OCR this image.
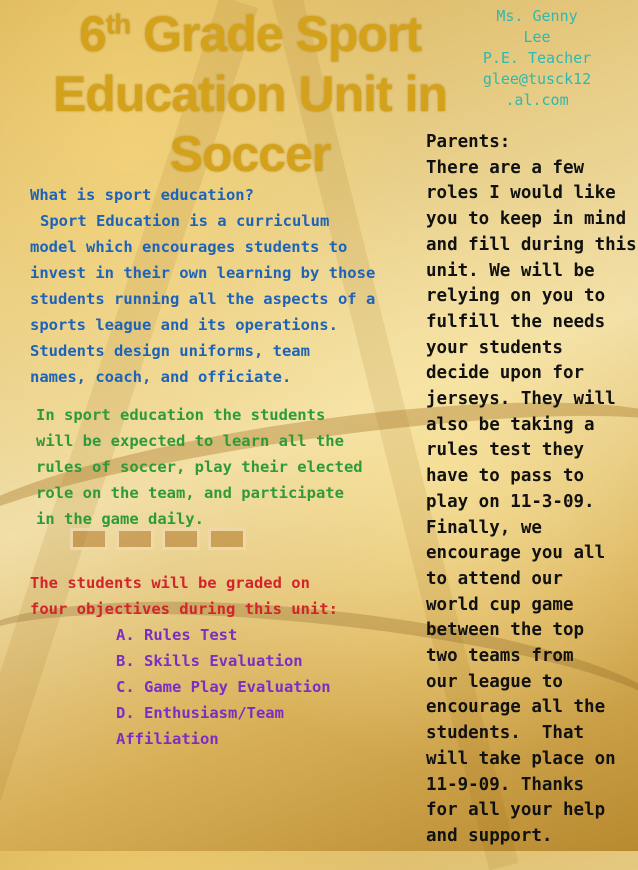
6th Grade Sport
Education Unit in
Soccer
Ms. Genny
Lee
P.E. Teacher
glee@tusck12
.al.com
What is sport education?
Sport Education is a curriculum
model which encourages students to
invest in their own learning by those
students running all the aspects of a
sports league and its operations.
Students design uniforms, team
names, coach, and officiate.
In sport education the students
will be expected to learn all the
rules of soccer, play their elected
role on the team, and participate
in the game daily.
The students will be graded on
four objectives during this unit:
A. Rules Test
B. Skills Evaluation
C. Game Play Evaluation
D. Enthusiasm/Team
Affiliation
Parents:
There are a few
roles I would like
you to keep in mind
and fill during this
unit. We will be
relying on you to
fulfill the needs
your students
decide upon for
jerseys. They will
also be taking a
rules test they
have to pass to
play on 11-3-09.
Finally, we
encourage you all
to attend our
world cup game
between the top
two teams from
our league to
encourage all the
students.  That
will take place on
11-9-09. Thanks
for all your help
and support.
